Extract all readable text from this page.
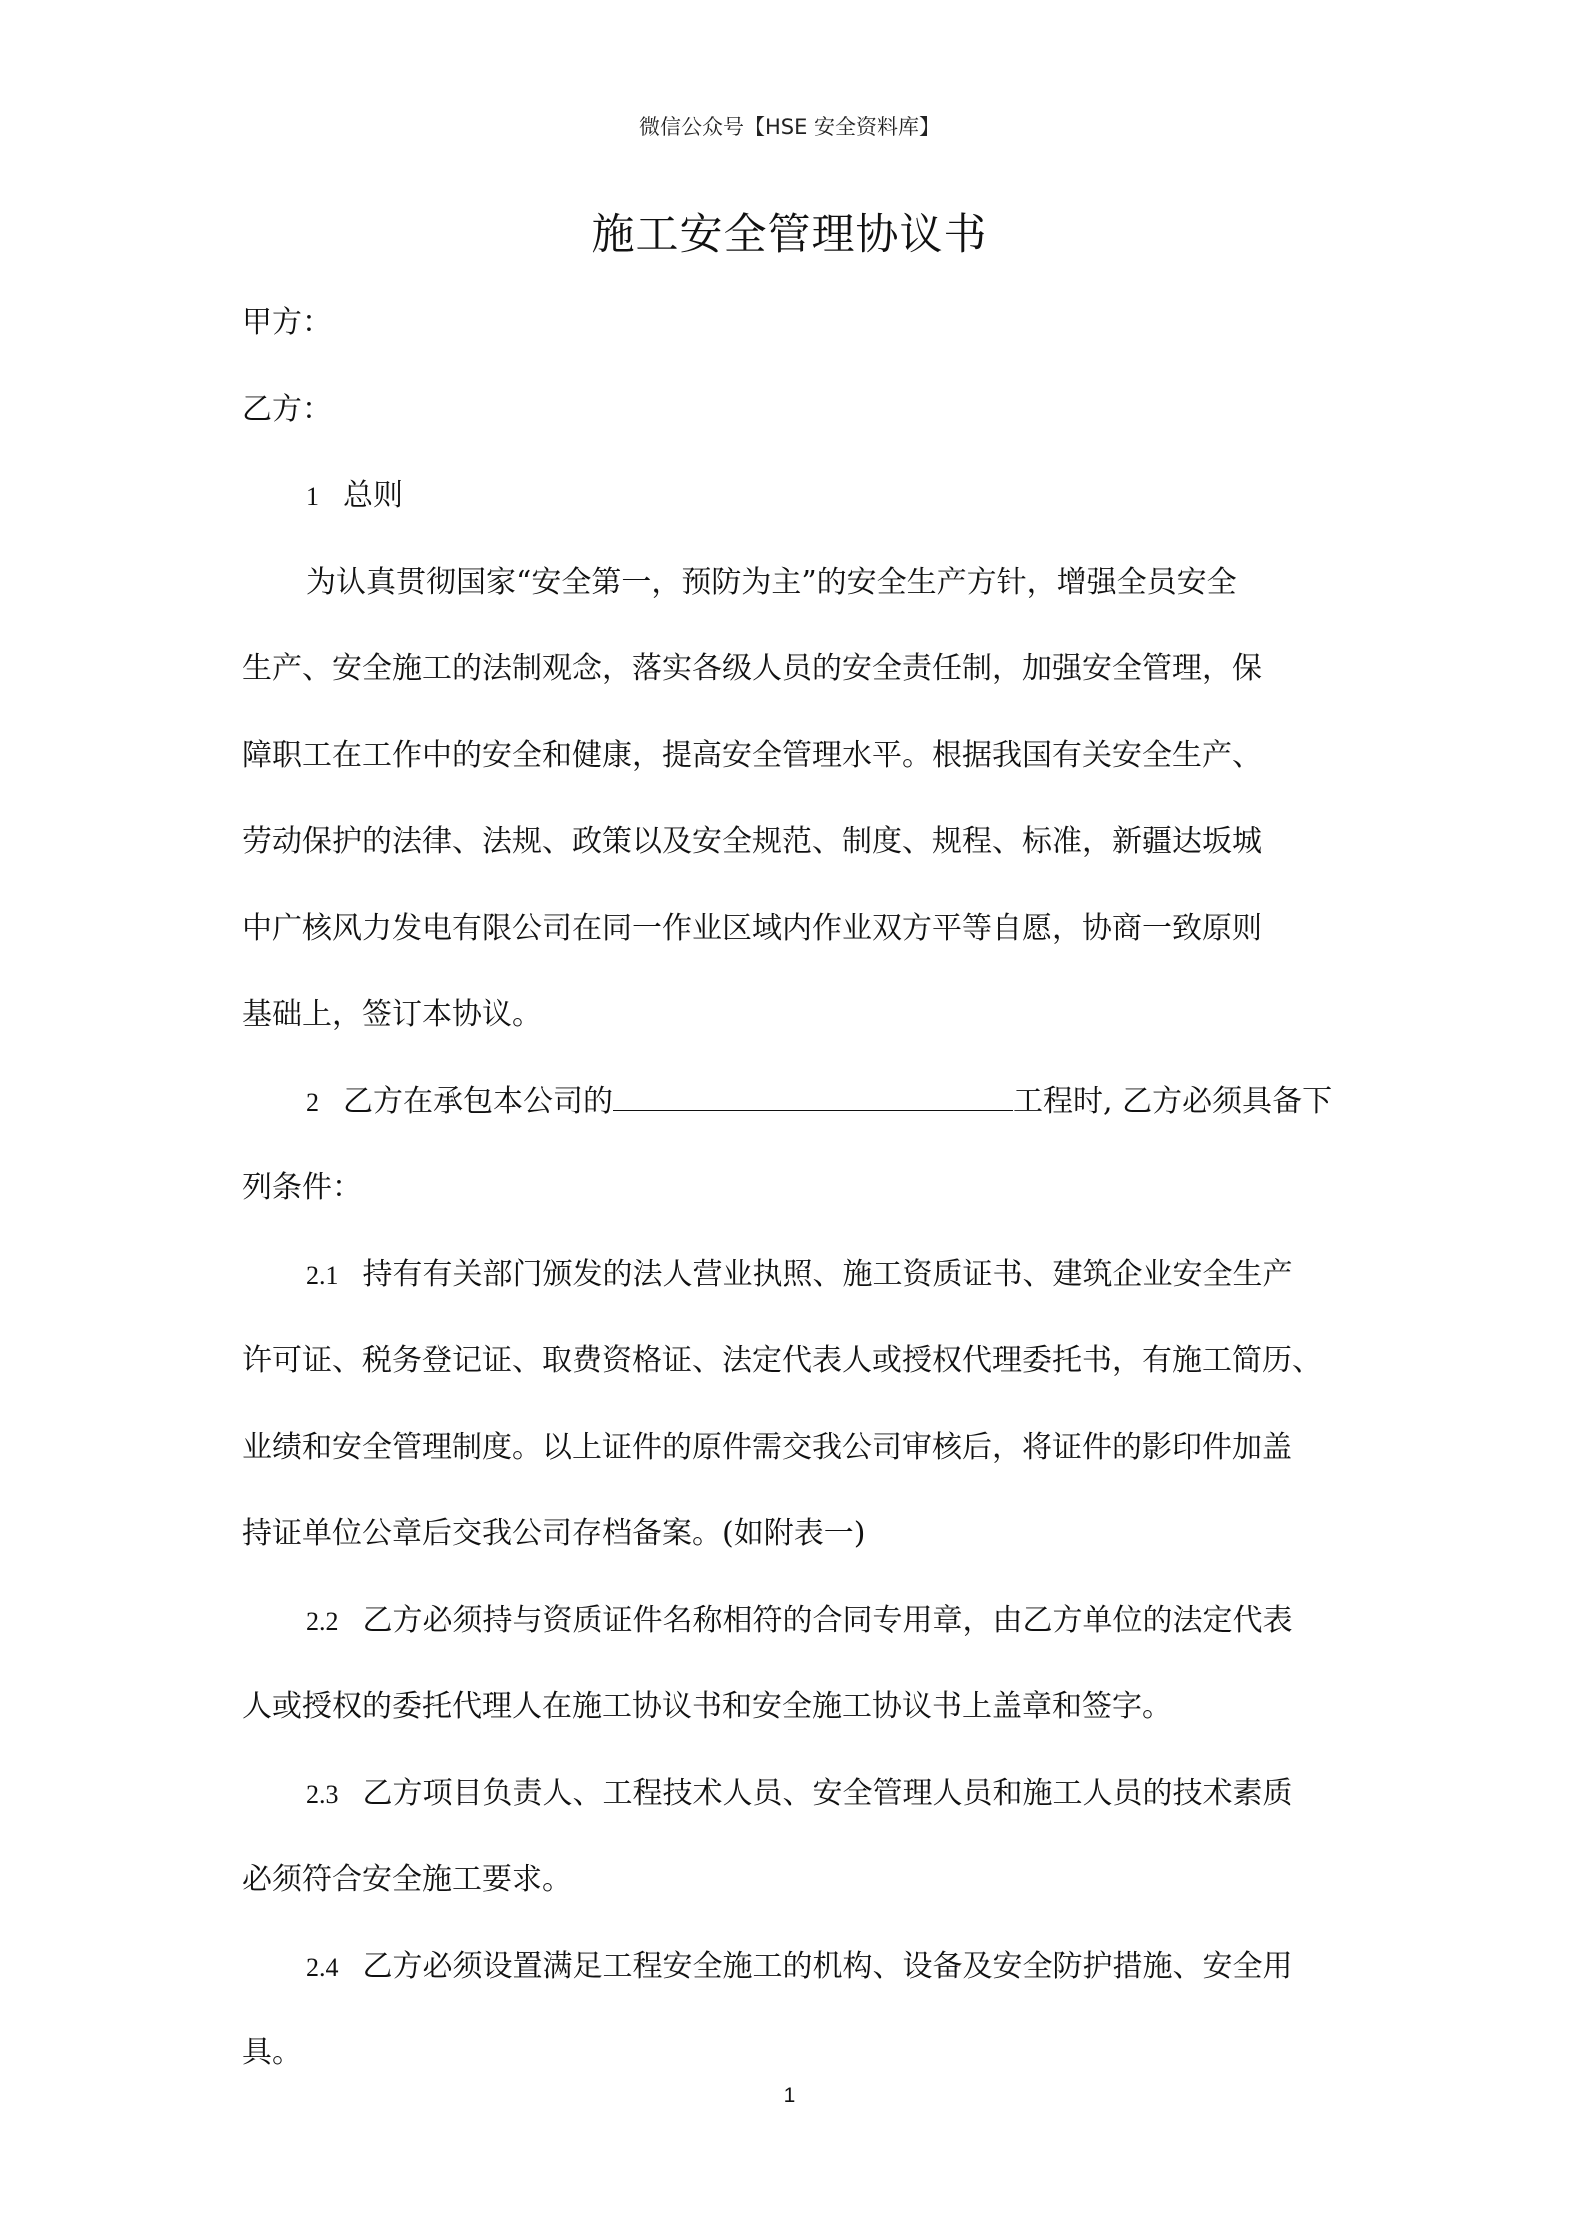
微信公众号【HSE 安全资料库】
施工安全管理协议书
甲方：
乙方：
1 总则
为认真贯彻国家“安全第一，预防为主”的安全生产方针，增强全员安全
生产、安全施工的法制观念，落实各级人员的安全责任制，加强安全管理，保
障职工在工作中的安全和健康，提高安全管理水平。根据我国有关安全生产、
劳动保护的法律、法规、政策以及安全规范、制度、规程、标准，新疆达坂城
中广核风力发电有限公司在同一作业区域内作业双方平等自愿，协商一致原则
基础上，签订本协议。
2 乙方在承包本公司的	工程时, 乙方必须具备下
列条件：
2.1 持有有关部门颁发的法人营业执照、施工资质证书、建筑企业安全生产
许可证、税务登记证、取费资格证、法定代表人或授权代理委托书，有施工简历、
业绩和安全管理制度。以上证件的原件需交我公司审核后，将证件的影印件加盖
持证单位公章后交我公司存档备案。(如附表一)
2.2 乙方必须持与资质证件名称相符的合同专用章，由乙方单位的法定代表
人或授权的委托代理人在施工协议书和安全施工协议书上盖章和签字。
2.3 乙方项目负责人、工程技术人员、安全管理人员和施工人员的技术素质
必须符合安全施工要求。
2.4 乙方必须设置满足工程安全施工的机构、设备及安全防护措施、安全用
具。
1
